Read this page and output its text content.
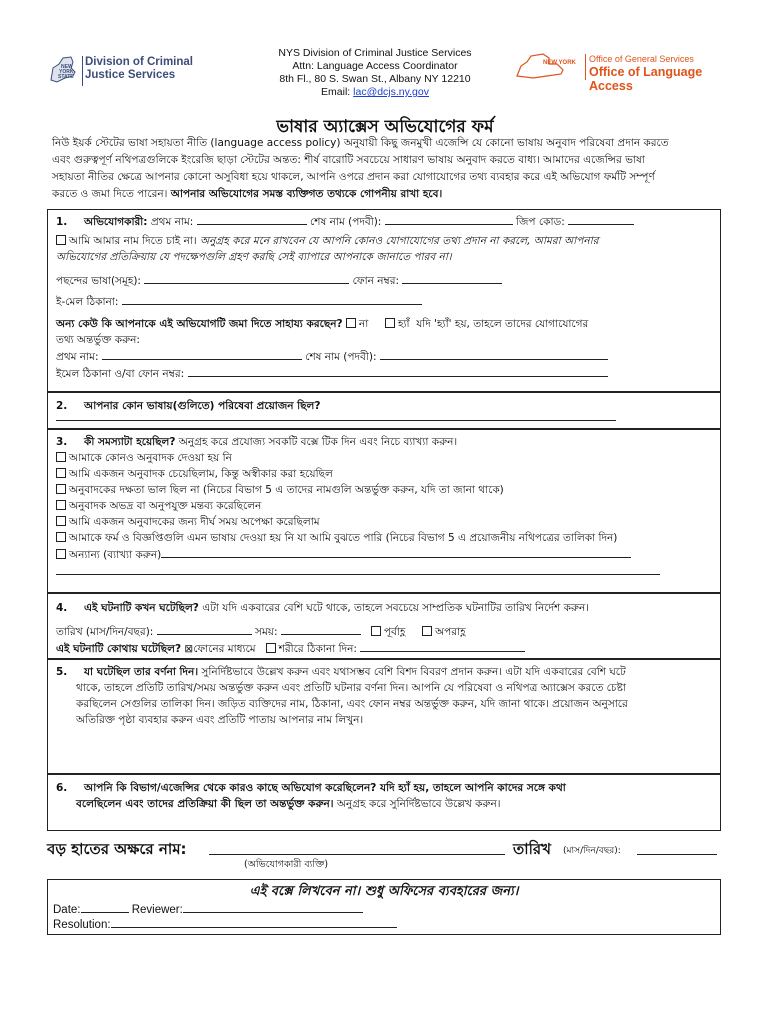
NEW
YORK
STATE
Division of Criminal
Justice Services
NYS Division of Criminal Justice Services
Attn: Language Access Coordinator
8th Fl., 80 S. Swan St., Albany NY 12210
Email: lac@dcjs.ny.gov
NEW YORK Office of General Services
Office of Language Access
ভাষার অ্যাক্সেস অভিযোগের ফর্ম
নিউ ইয়র্ক স্টেটের ভাষা সহায়তা নীতি (language access policy) অনুযায়ী কিছু জনমুখী এজেন্সি যে কোনো ভাষায় অনুবাদ পরিষেবা প্রদান করতে
এবং গুরুত্বপূর্ণ নথিপত্রগুলিকে ইংরেজি ছাড়া স্টেটের অন্তত: শীর্ষ বারোটি সবচেয়ে সাধারণ ভাষায় অনুবাদ করতে বাধ্য। আমাদের এজেন্সির ভাষা
সহায়তা নীতির ক্ষেত্রে আপনার কোনো অসুবিধা হয়ে থাকলে, আপনি ওপরে প্রদান করা যোগাযোগের তথ্য ব্যবহার করে এই অভিযোগ ফর্মটি সম্পূর্ণ
করতে ও জমা দিতে পারেন। আপনার অভিযোগের সমস্ত ব্যক্তিগত তথ্যকে গোপনীয় রাখা হবে।
1. অভিযোগকারী: প্রথম নাম:	শেষ নাম (পদবী):	জিপ কোড:
আমি আমার নাম দিতে চাই না। অনুগ্রহ করে মনে রাখবেন যে আপনি কোনও যোগাযোগের তথ্য প্রদান না করলে, আমরা আপনার
অভিযোগের প্রতিক্রিয়ায় যে পদক্ষেপগুলি গ্রহণ করছি সেই ব্যাপারে আপনাকে জানাতে পারব না।
পছন্দের ভাষা(সমূহ):	ফোন নম্বর:
ই-মেল ঠিকানা:
অন্য কেউ কি আপনাকে এই অভিযোগটি জমা দিতে সাহায্য করছেন? না	হ্যাঁ যদি 'হ্যাঁ' হয়, তাহলে তাদের যোগাযোগের
তথ্য অন্তর্ভুক্ত করুন:
প্রথম নাম:	শেষ নাম (পদবী):
ইমেল ঠিকানা ও/বা ফোন নম্বর:
2. আপনার কোন ভাষায়(গুলিতে) পরিষেবা প্রয়োজন ছিল?
3. কী সমস্যাটা হয়েছিল? অনুগ্রহ করে প্রযোজ্য সবকটি বক্সে টিক দিন এবং নিচে ব্যাখ্যা করুন।
আমাকে কোনও অনুবাদক দেওয়া হয় নি
আমি একজন অনুবাদক চেয়েছিলাম, কিন্তু অস্বীকার করা হয়েছিল
অনুবাদকের দক্ষতা ভাল ছিল না (নিচের বিভাগ 5 এ তাদের নামগুলি অন্তর্ভুক্ত করুন, যদি তা জানা থাকে)
অনুবাদক অভদ্র বা অনুপযুক্ত মন্তব্য করেছিলেন
আমি একজন অনুবাদকের জন্য দীর্ঘ সময় অপেক্ষা করেছিলাম
আমাকে ফর্ম ও বিজ্ঞপ্তিগুলি এমন ভাষায় দেওয়া হয় নি যা আমি বুঝতে পারি (নিচের বিভাগ 5 এ প্রয়োজনীয় নথিপত্রের তালিকা দিন)
অন্যান্য (ব্যাখ্যা করুন)
4. এই ঘটনাটি কখন ঘটেছিল? এটা যদি একবারের বেশি ঘটে থাকে, তাহলে সবচেয়ে সাম্প্রতিক ঘটনাটির তারিখ নির্দেশ করুন।
তারিখ (মাস/দিন/বছর):	সময়:	পূর্বাহ্ণ	অপরাহ্ণ
এই ঘটনাটি কোথায় ঘটেছিল? ⊠ফোনের মাধ্যমে শরীরে ঠিকানা দিন:
5. যা ঘটেছিল তার বর্ণনা দিন। সুনির্দিষ্টভাবে উল্লেখ করুন এবং যথাসম্ভব বেশি বিশদ বিবরণ প্রদান করুন। এটা যদি একবারের বেশি ঘটে
থাকে, তাহলে প্রতিটি তারিখ/সময় অন্তর্ভুক্ত করুন এবং প্রতিটি ঘটনার বর্ণনা দিন। আপনি যে পরিষেবা ও নথিপত্র অ্যাক্সেস করতে চেষ্টা
করছিলেন সেগুলির তালিকা দিন। জড়িত ব্যক্তিদের নাম, ঠিকানা, এবং ফোন নম্বর অন্তর্ভুক্ত করুন, যদি জানা থাকে। প্রয়োজন অনুসারে
অতিরিক্ত পৃষ্ঠা ব্যবহার করুন এবং প্রতিটি পাতায় আপনার নাম লিখুন।
6. আপনি কি বিভাগ/এজেন্সির থেকে কারও কাছে অভিযোগ করেছিলেন? যদি হ্যাঁ হয়, তাহলে আপনি কাদের সঙ্গে কথা
বলেছিলেন এবং তাদের প্রতিক্রিয়া কী ছিল তা অন্তর্ভুক্ত করুন। অনুগ্রহ করে সুনির্দিষ্টভাবে উল্লেখ করুন।
বড় হাতের অক্ষরে নাম:
(অভিযোগকারী ব্যক্তি)
তারিখ (মাস/দিন/বছর):
এই বক্সে লিখবেন না। শুধু অফিসের ব্যবহারের জন্য।
Date:	Reviewer:
Resolution:
